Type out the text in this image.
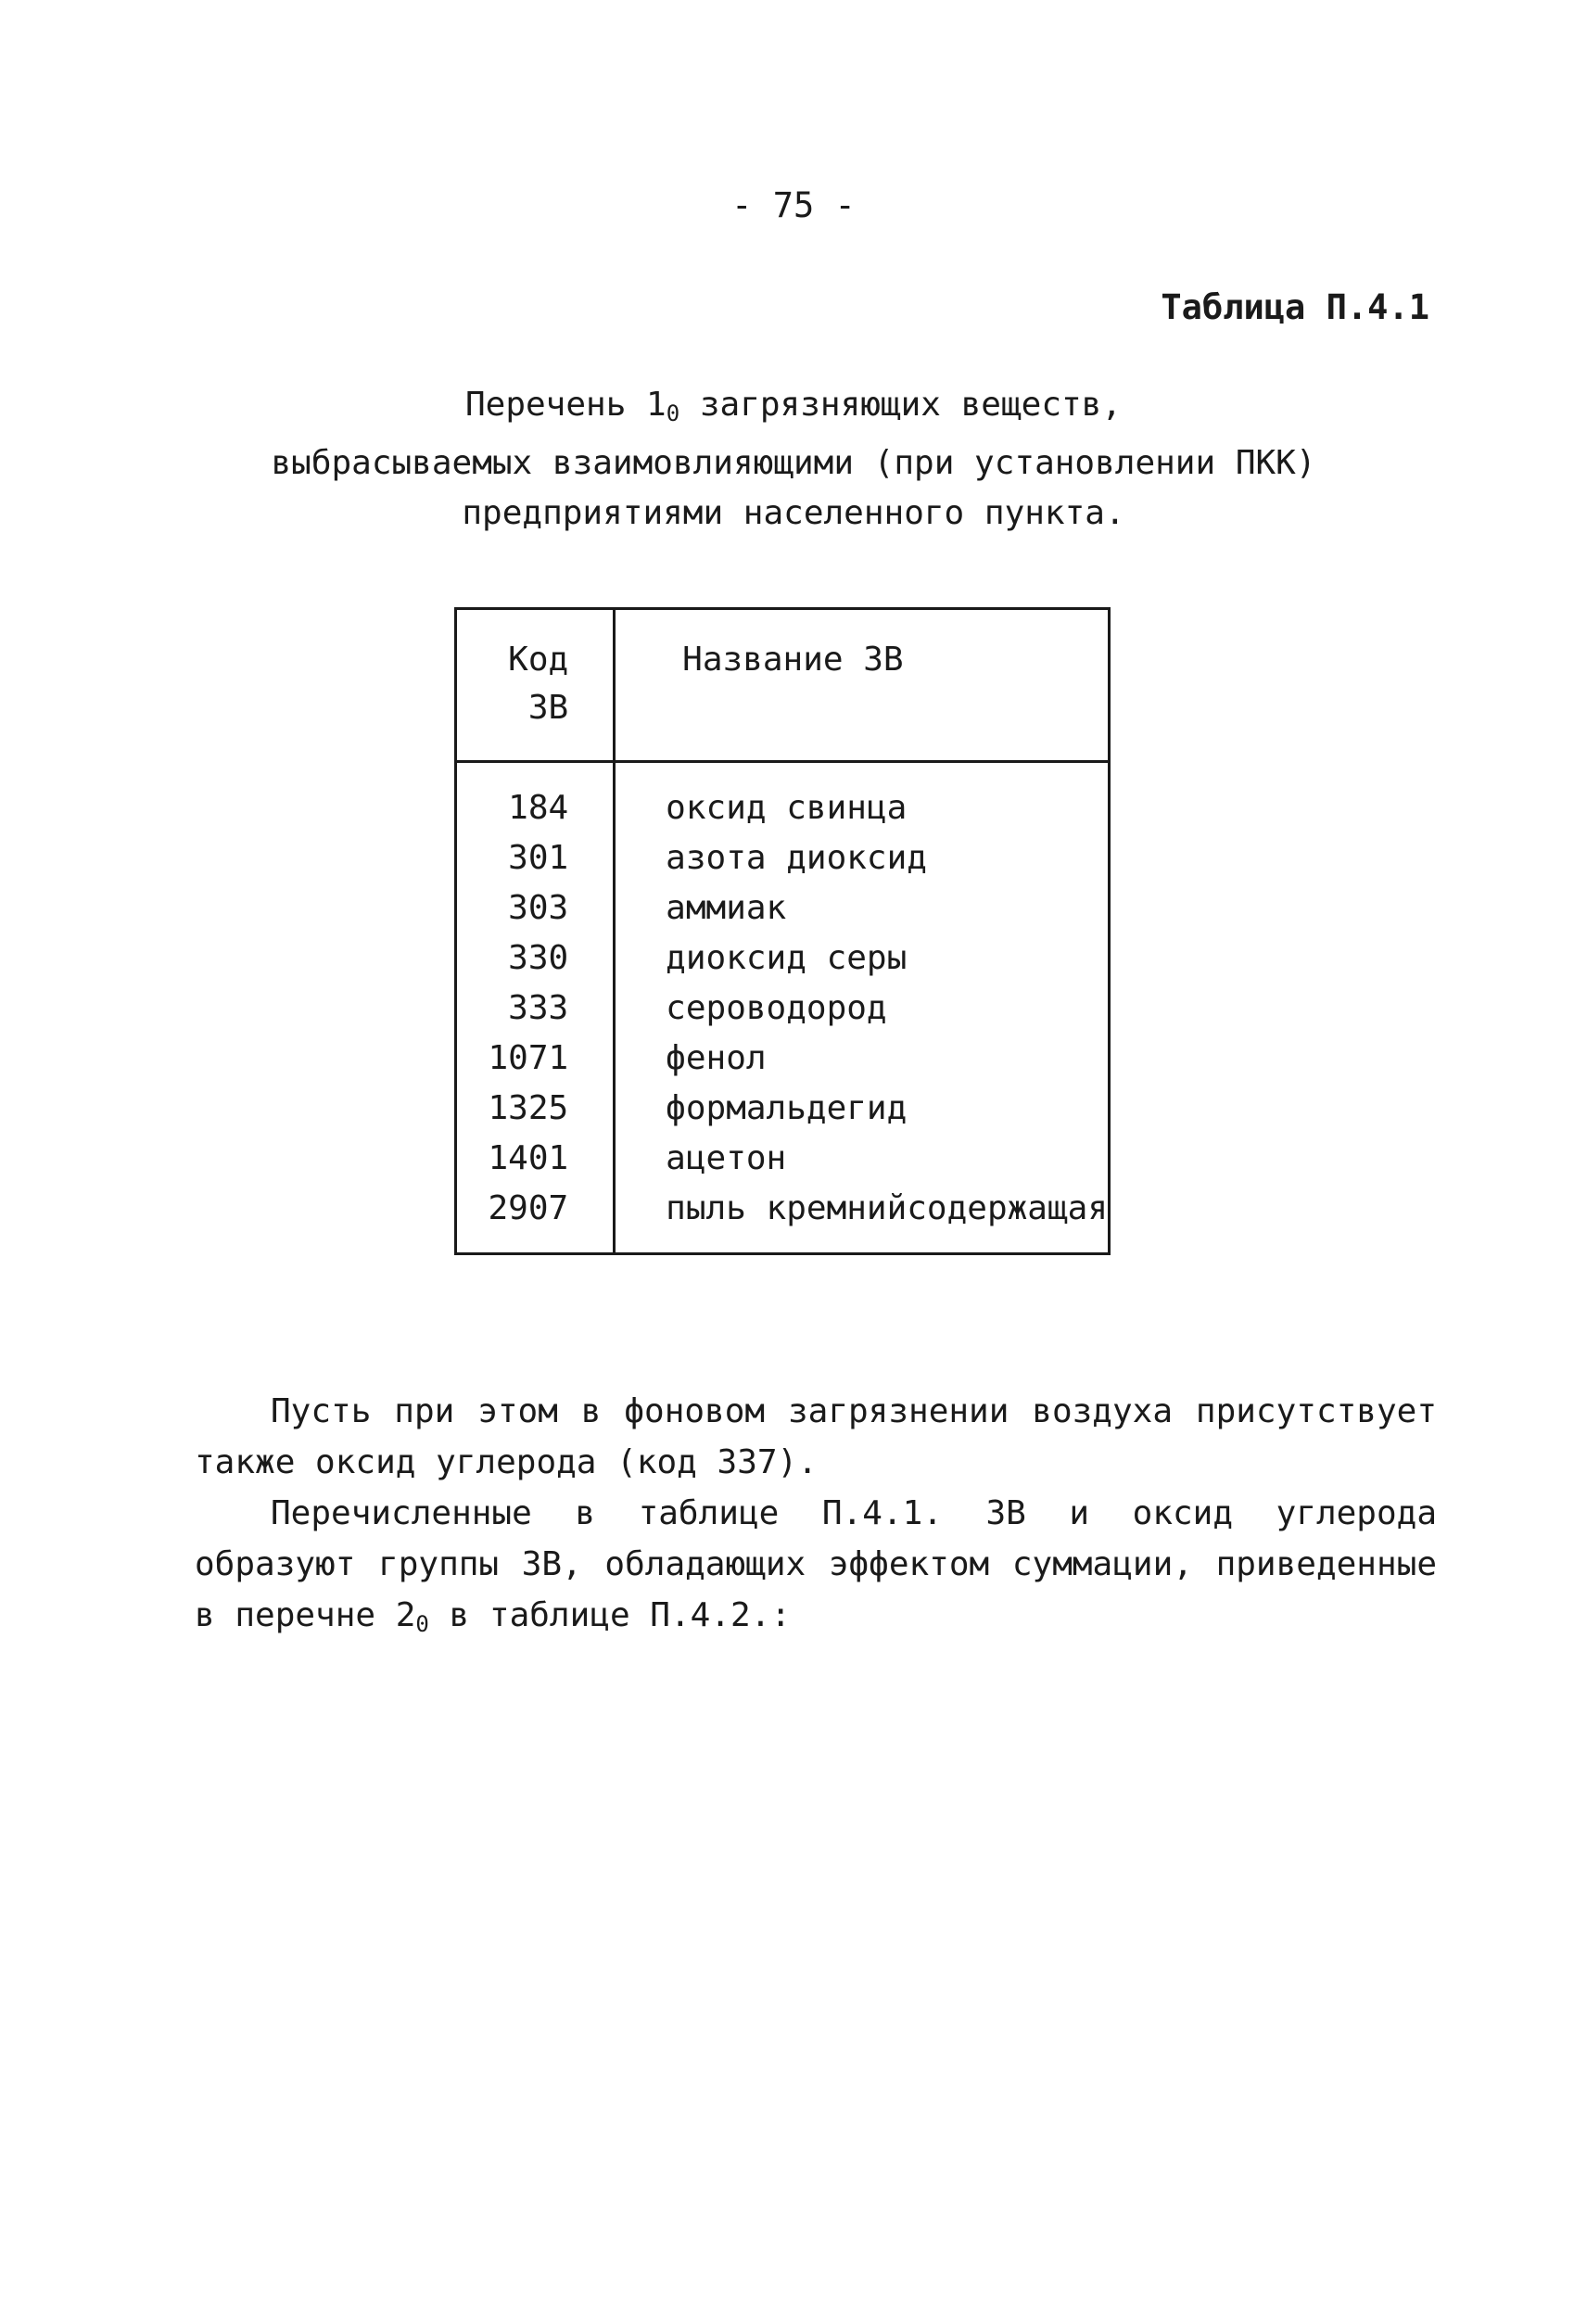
- 75 -
Таблица П.4.1
Перечень $1_0$ загрязняющих веществ,
выбрасываемых взаимовлияющими (при установлении ПКК)
предприятиями населенного пункта.
Код
ЗВ	Название ЗВ
184	оксид свинца
301	азота диоксид
303	аммиак
330	диоксид серы
333	сероводород
1071	фенол
1325	формальдегид
1401	ацетон
2907	пыль кремнийсодержащая

Пусть при этом в фоновом загрязнении воздуха присутствует также оксид углерода (код 337).

Перечисленные в таблице П.4.1. ЗВ и оксид углерода образуют группы ЗВ, обладающих эффектом суммации, приведенные в перечне $2_0$ в таблице П.4.2.:
